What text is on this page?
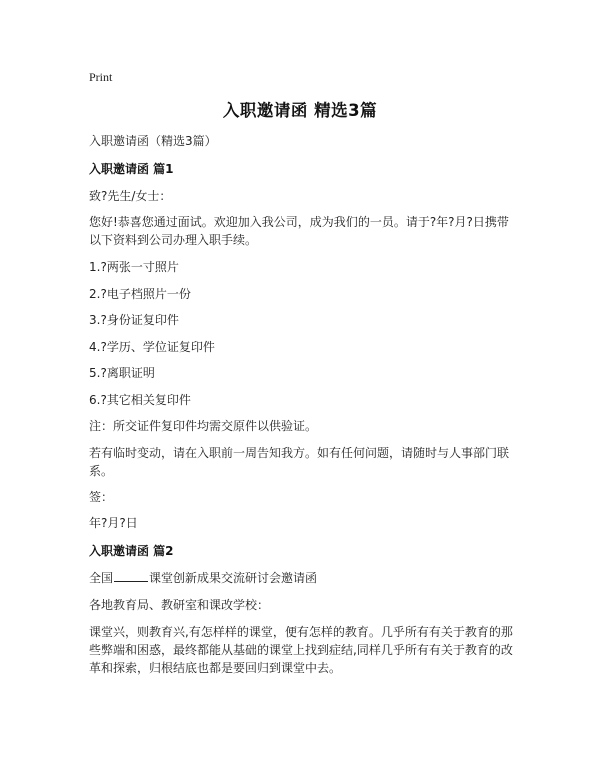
Print
入职邀请函 精选3篇
入职邀请函（精选3篇）
入职邀请函 篇1
致?先生/女士：
您好!恭喜您通过面试。欢迎加入我公司，成为我们的一员。请于?年?月?日携带以下资料到公司办理入职手续。
1.?两张一寸照片
2.?电子档照片一份
3.?身份证复印件
4.?学历、学位证复印件
5.?离职证明
6.?其它相关复印件
注：所交证件复印件均需交原件以供验证。
若有临时变动，请在入职前一周告知我方。如有任何问题，请随时与人事部门联系。
签：
年?月?日
入职邀请函 篇2
全国	课堂创新成果交流研讨会邀请函
各地教育局、教研室和课改学校：
课堂兴，则教育兴,有怎样样的课堂，便有怎样的教育。几乎所有有关于教育的那些弊端和困惑，最终都能从基础的课堂上找到症结,同样几乎所有有关于教育的改革和探索，归根结底也都是要回归到课堂中去。
